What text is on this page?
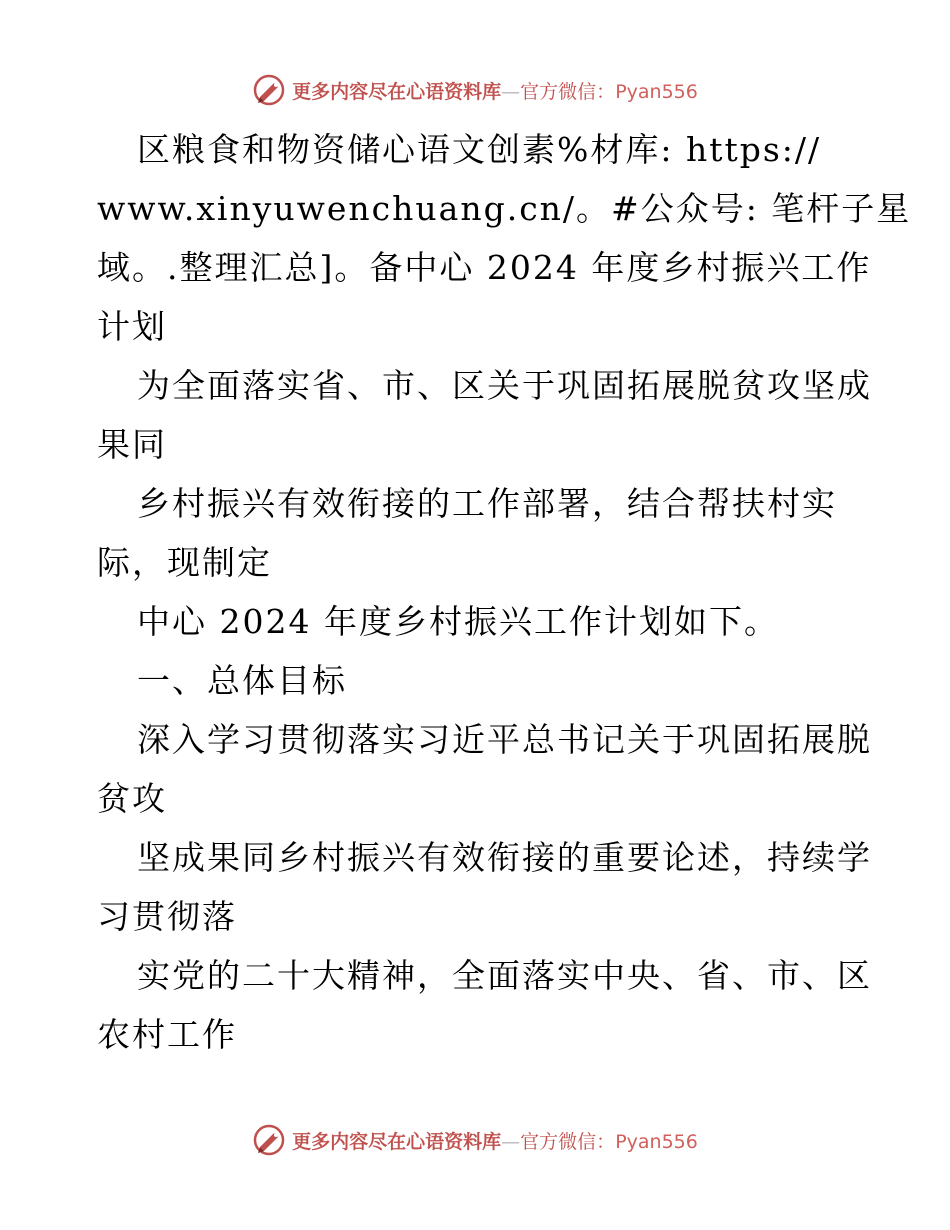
更多内容尽在心语资料库—官方微信：Pyan556
区粮食和物资储心语文创素%材库: https://
www.xinyuwenchuang.cn/。#公众号: 笔杆子星
域。.整理汇总]。备中心 2024 年度乡村振兴工作
计划
为全面落实省、市、区关于巩固拓展脱贫攻坚成
果同
乡村振兴有效衔接的工作部署，结合帮扶村实
际，现制定
中心 2024 年度乡村振兴工作计划如下。
一、总体目标
深入学习贯彻落实习近平总书记关于巩固拓展脱
贫攻
坚成果同乡村振兴有效衔接的重要论述，持续学
习贯彻落
实党的二十大精神，全面落实中央、省、市、区
农村工作
更多内容尽在心语资料库—官方微信：Pyan556
